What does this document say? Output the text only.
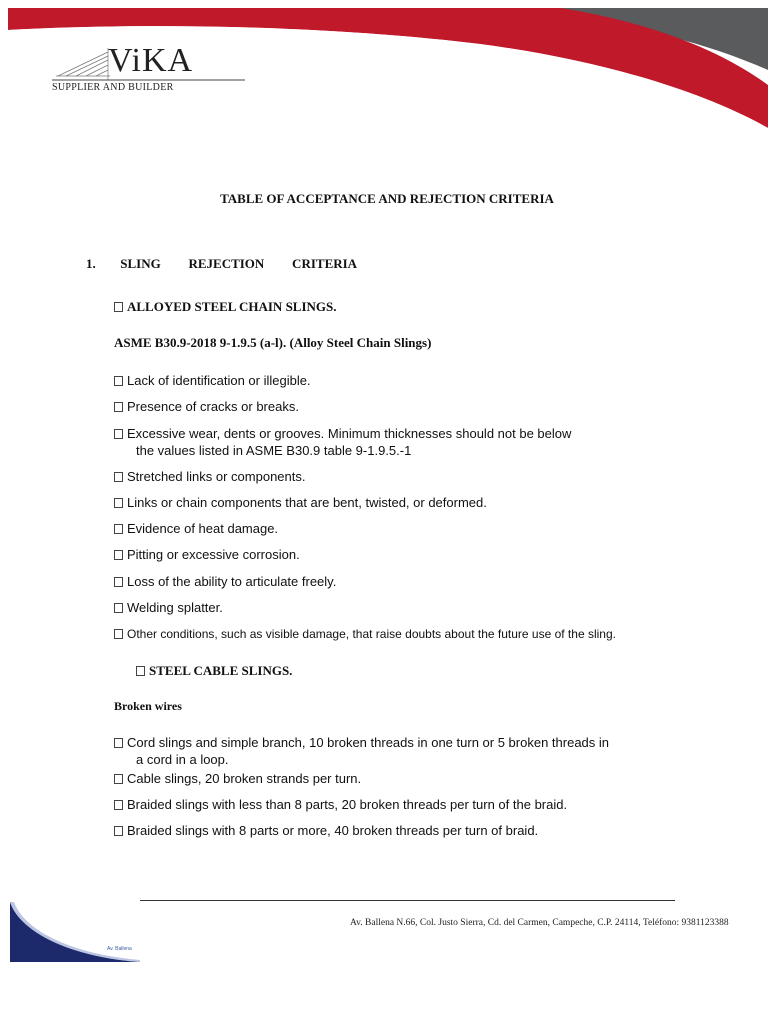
ViKA
SUPPLIER AND BUILDER
TABLE OF ACCEPTANCE AND REJECTION CRITERIA
1. SLING   REJECTION   CRITERIA
ALLOYED STEEL CHAIN SLINGS.
ASME B30.9-2018 9-1.9.5 (a-l). (Alloy Steel Chain Slings)
Lack of identification or illegible.
Presence of cracks or breaks.
Excessive wear, dents or grooves. Minimum thicknesses should not be below
the values listed in ASME B30.9 table 9-1.9.5.-1
Stretched links or components.
Links or chain components that are bent, twisted, or deformed.
Evidence of heat damage.
Pitting or excessive corrosion.
Loss of the ability to articulate freely.
Welding splatter.
Other conditions, such as visible damage, that raise doubts about the future use of the sling.
STEEL CABLE SLINGS.
Broken wires
Cord slings and simple branch, 10 broken threads in one turn or 5 broken threads in
a cord in a loop.
Cable slings, 20 broken strands per turn.
Braided slings with less than 8 parts, 20 broken threads per turn of the braid.
Braided slings with 8 parts or more, 40 broken threads per turn of braid.
Av. Ballena
Av. Ballena N.66, Col. Justo Sierra, Cd. del Carmen, Campeche, C.P. 24114, Teléfono: 9381123388
